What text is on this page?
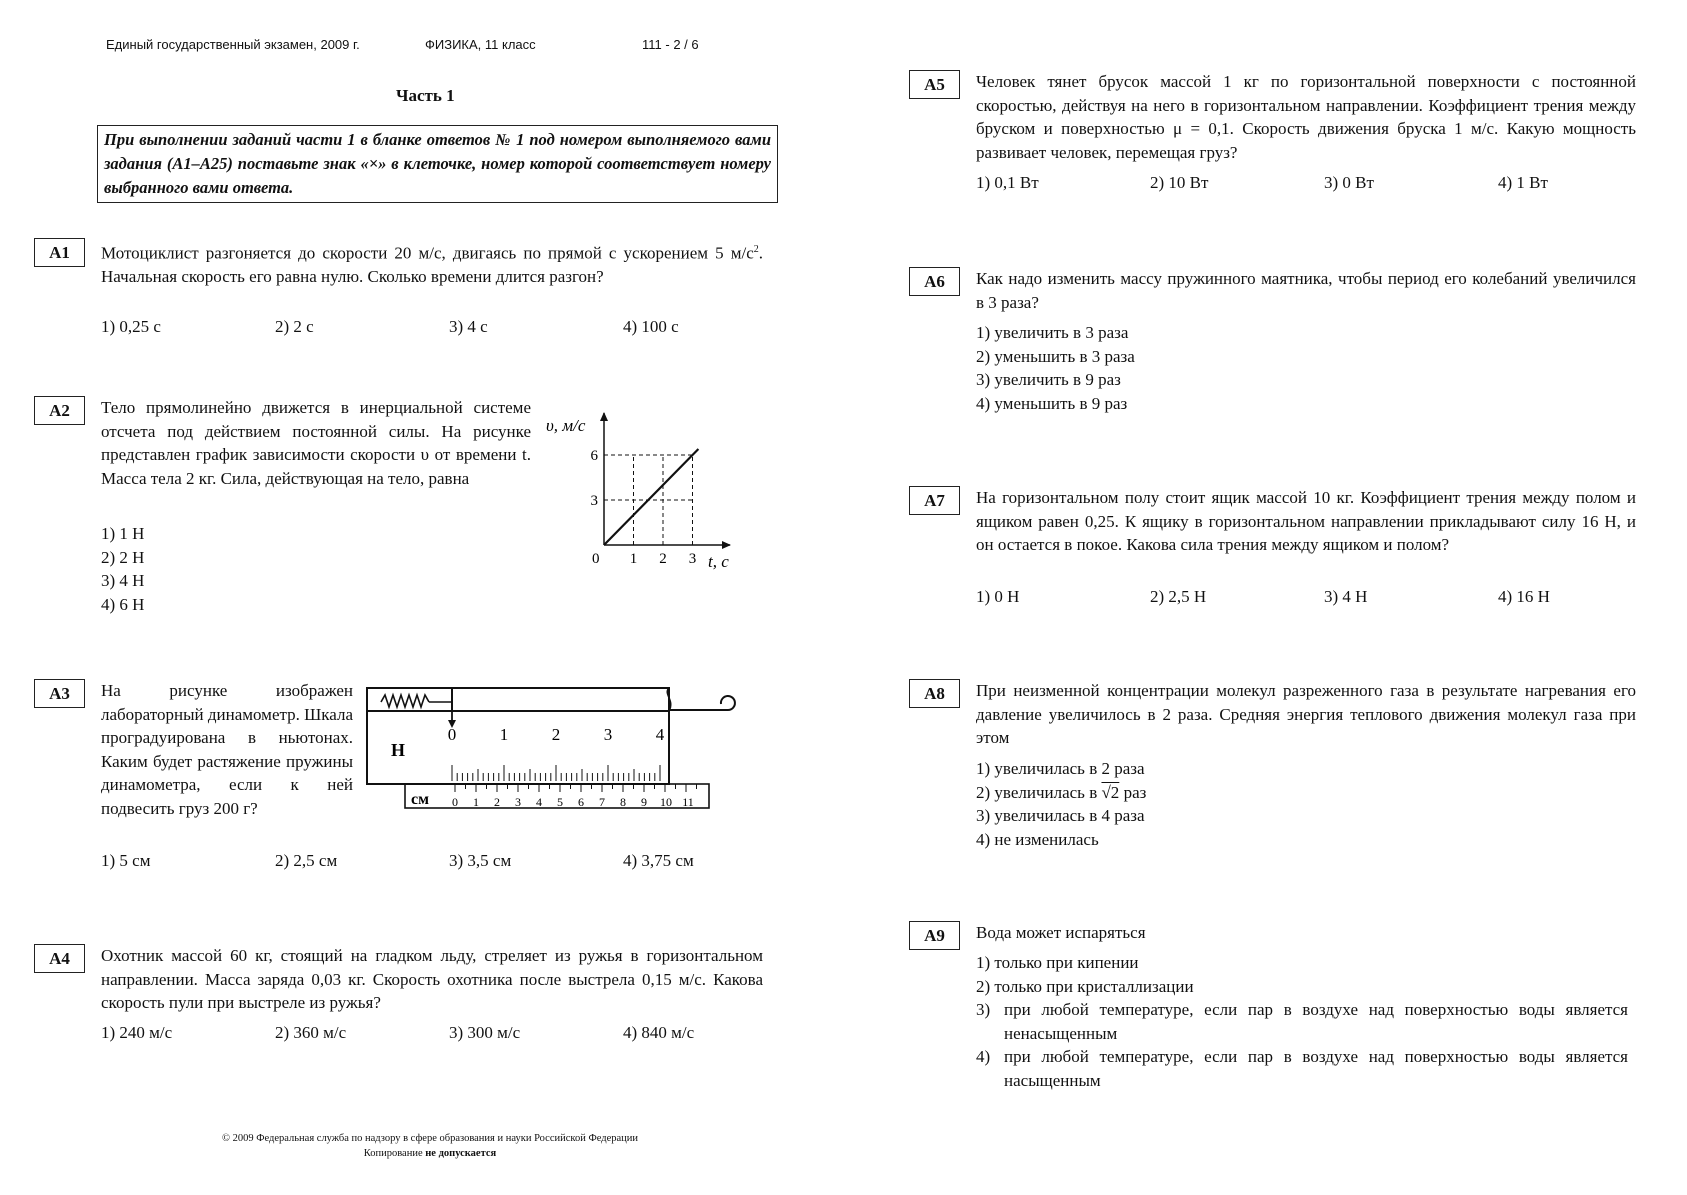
Единый государственный экзамен, 2009 г.	ФИЗИКА, 11 класс	111 - 2 / 6
Часть 1
При выполнении заданий части 1 в бланке ответов № 1 под номером выполняемого вами задания (А1–А25) поставьте знак «×» в клеточке, номер которой соответствует номеру выбранного вами ответа.
А1	Мотоциклист разгоняется до скорости 20 м/с, двигаясь по прямой с ускорением 5 $м/с^2$. Начальная скорость его равна нулю. Сколько времени длится разгон?
1) 0,25 с	2) 2 с	3) 4 с	4) 100 с
А2	Тело прямолинейно движется в инерциальной системе отсчета под действием постоянной силы. На рисунке представлен график зависимости скорости υ от времени t. Масса тела 2 кг. Сила, действующая на тело, равна
1) 1 Н
2) 2 Н
3) 4 Н
4) 6 Н
υ, м/с
t, с
0 1 2 3
3
6
А3	На рисунке изображен лабораторный динамометр. Шкала проградуирована в ньютонах. Каким будет растяжение пружины динамометра, если к ней подвесить груз 200 г?
1) 5 см	2) 2,5 см	3) 3,5 см	4) 3,75 см
Н
0	1	2	3	4
см 0 1 2 3 4 5 6 7 8 9 10 11
А4	Охотник массой 60 кг, стоящий на гладком льду, стреляет из ружья в горизонтальном направлении. Масса заряда 0,03 кг. Скорость охотника после выстрела 0,15 м/с. Какова скорость пули при выстреле из ружья?
1) 240 м/с	2) 360 м/с	3) 300 м/с	4) 840 м/с
© 2009 Федеральная служба по надзору в сфере образования и науки Российской Федерации
Копирование не допускается
А5	Человек тянет брусок массой 1 кг по горизонтальной поверхности с постоянной скоростью, действуя на него в горизонтальном направлении. Коэффициент трения между бруском и поверхностью μ = 0,1. Скорость движения бруска 1 м/с. Какую мощность развивает человек, перемещая груз?
1) 0,1 Вт	2) 10 Вт	3) 0 Вт	4) 1 Вт
А6	Как надо изменить массу пружинного маятника, чтобы период его колебаний увеличился в 3 раза?
1) увеличить в 3 раза
2) уменьшить в 3 раза
3) увеличить в 9 раз
4) уменьшить в 9 раз
А7	На горизонтальном полу стоит ящик массой 10 кг. Коэффициент трения между полом и ящиком равен 0,25. К ящику в горизонтальном направлении прикладывают силу 16 Н, и он остается в покое. Какова сила трения между ящиком и полом?
1) 0 Н	2) 2,5 Н	3) 4 Н	4) 16 Н
А8	При неизменной концентрации молекул разреженного газа в результате нагревания его давление увеличилось в 2 раза. Средняя энергия теплового движения молекул газа при этом
1) увеличилась в 2 раза
2) увеличилась в √2 раз
3) увеличилась в 4 раза
4) не изменилась
А9	Вода может испаряться
1) только при кипении
2) только при кристаллизации
3) при любой температуре, если пар в воздухе над поверхностью воды является ненасыщенным
4) при любой температуре, если пар в воздухе над поверхностью воды является насыщенным
